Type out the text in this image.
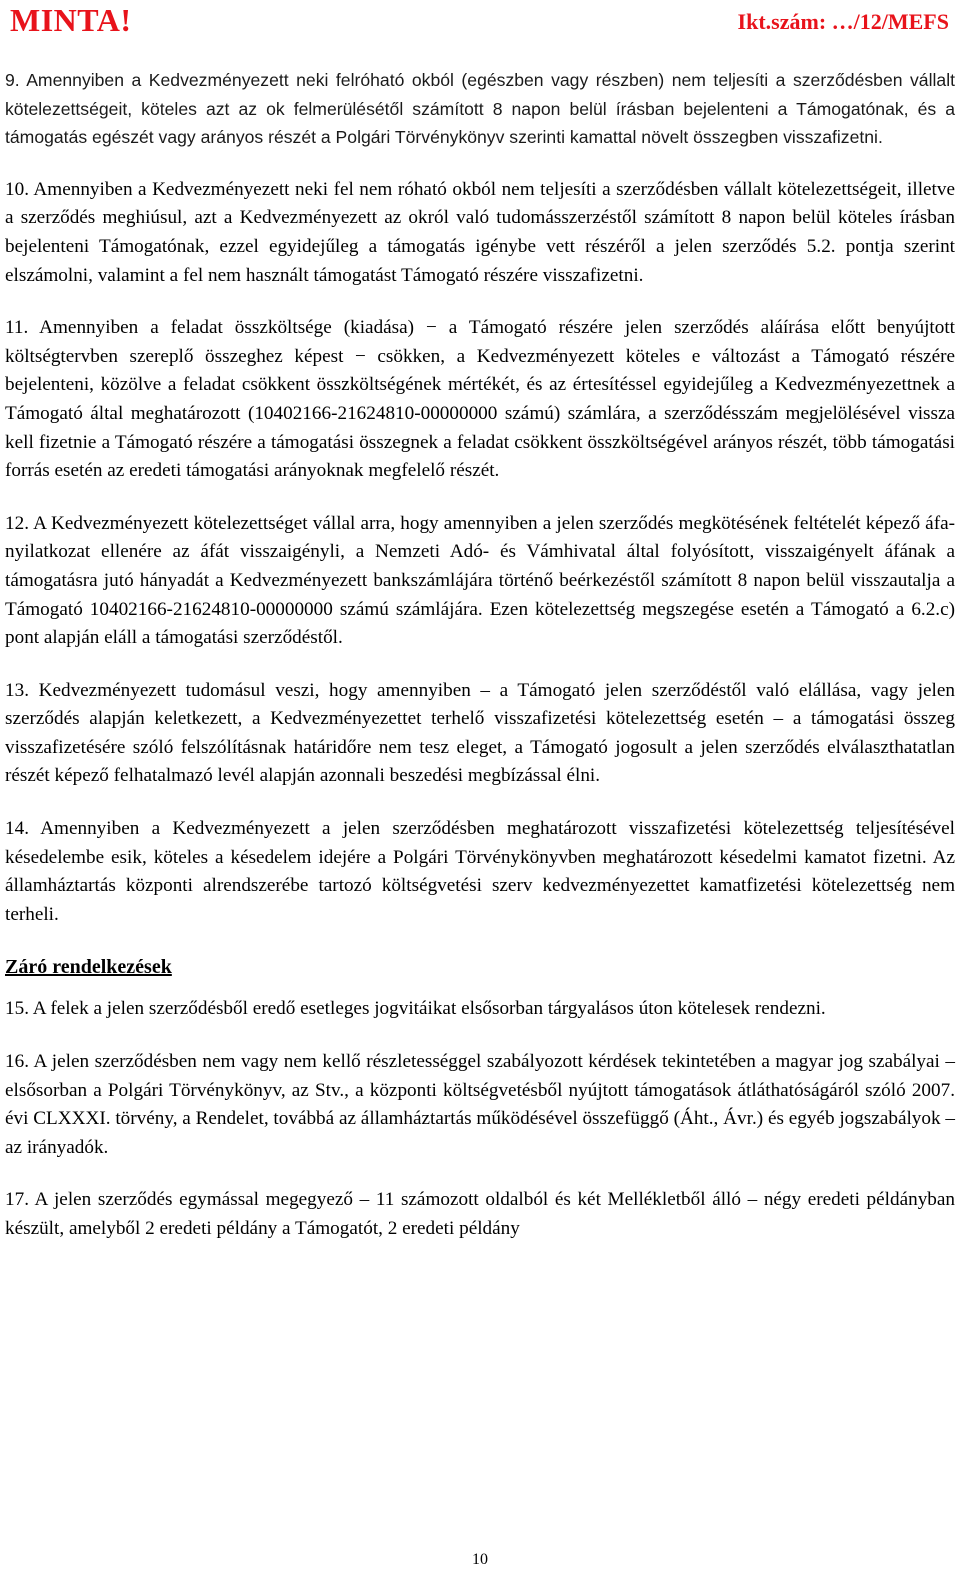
MINTA!	Ikt.szám: …/12/MEFS

9. Amennyiben a Kedvezményezett neki felróható okból (egészben vagy részben) nem teljesíti a szerződésben vállalt kötelezettségeit, köteles azt az ok felmerülésétől számított 8 napon belül írásban bejelenteni a Támogatónak, és a támogatás egészét vagy arányos részét a Polgári Törvénykönyv szerinti kamattal növelt összegben visszafizetni.

10. Amennyiben a Kedvezményezett neki fel nem róható okból nem teljesíti a szerződésben vállalt kötelezettségeit, illetve a szerződés meghiúsul, azt a Kedvezményezett az okról való tudomásszerzéstől számított 8 napon belül köteles írásban bejelenteni Támogatónak, ezzel egyidejűleg a támogatás igénybe vett részéről a jelen szerződés 5.2. pontja szerint elszámolni, valamint a fel nem használt támogatást Támogató részére visszafizetni.

11. Amennyiben a feladat összköltsége (kiadása) − a Támogató részére jelen szerződés aláírása előtt benyújtott költségtervben szereplő összeghez képest − csökken, a Kedvezményezett köteles e változást a Támogató részére bejelenteni, közölve a feladat csökkent összköltségének mértékét, és az értesítéssel egyidejűleg a Kedvezményezettnek a Támogató által meghatározott (10402166-21624810-00000000 számú) számlára, a szerződésszám megjelölésével vissza kell fizetnie a Támogató részére a támogatási összegnek a feladat csökkent összköltségével arányos részét, több támogatási forrás esetén az eredeti támogatási arányoknak megfelelő részét.

12. A Kedvezményezett kötelezettséget vállal arra, hogy amennyiben a jelen szerződés megkötésének feltételét képező áfa-nyilatkozat ellenére az áfát visszaigényli, a Nemzeti Adó- és Vámhivatal által folyósított, visszaigényelt áfának a támogatásra jutó hányadát a Kedvezményezett bankszámlájára történő beérkezéstől számított 8 napon belül visszautalja a Támogató 10402166-21624810-00000000 számú számlájára. Ezen kötelezettség megszegése esetén a Támogató a 6.2.c) pont alapján eláll a támogatási szerződéstől.

13. Kedvezményezett tudomásul veszi, hogy amennyiben – a Támogató jelen szerződéstől való elállása, vagy jelen szerződés alapján keletkezett, a Kedvezményezettet terhelő visszafizetési kötelezettség esetén – a támogatási összeg visszafizetésére szóló felszólításnak határidőre nem tesz eleget, a Támogató jogosult a jelen szerződés elválaszthatatlan részét képező felhatalmazó levél alapján azonnali beszedési megbízással élni.

14. Amennyiben a Kedvezményezett a jelen szerződésben meghatározott visszafizetési kötelezettség teljesítésével késedelembe esik, köteles a késedelem idejére a Polgári Törvénykönyvben meghatározott késedelmi kamatot fizetni. Az államháztartás központi alrendszerébe tartozó költségvetési szerv kedvezményezettet kamatfizetési kötelezettség nem terheli.

Záró rendelkezések

15. A felek a jelen szerződésből eredő esetleges jogvitáikat elsősorban tárgyalásos úton kötelesek rendezni.

16. A jelen szerződésben nem vagy nem kellő részletességgel szabályozott kérdések tekintetében a magyar jog szabályai – elsősorban a Polgári Törvénykönyv, az Stv., a központi költségvetésből nyújtott támogatások átláthatóságáról szóló 2007. évi CLXXXI. törvény, a Rendelet, továbbá az államháztartás működésével összefüggő (Áht., Ávr.) és egyéb jogszabályok – az irányadók.

17. A jelen szerződés egymással megegyező – 11 számozott oldalból és két Mellékletből álló – négy eredeti példányban készült, amelyből 2 eredeti példány a Támogatót, 2 eredeti példány

10
